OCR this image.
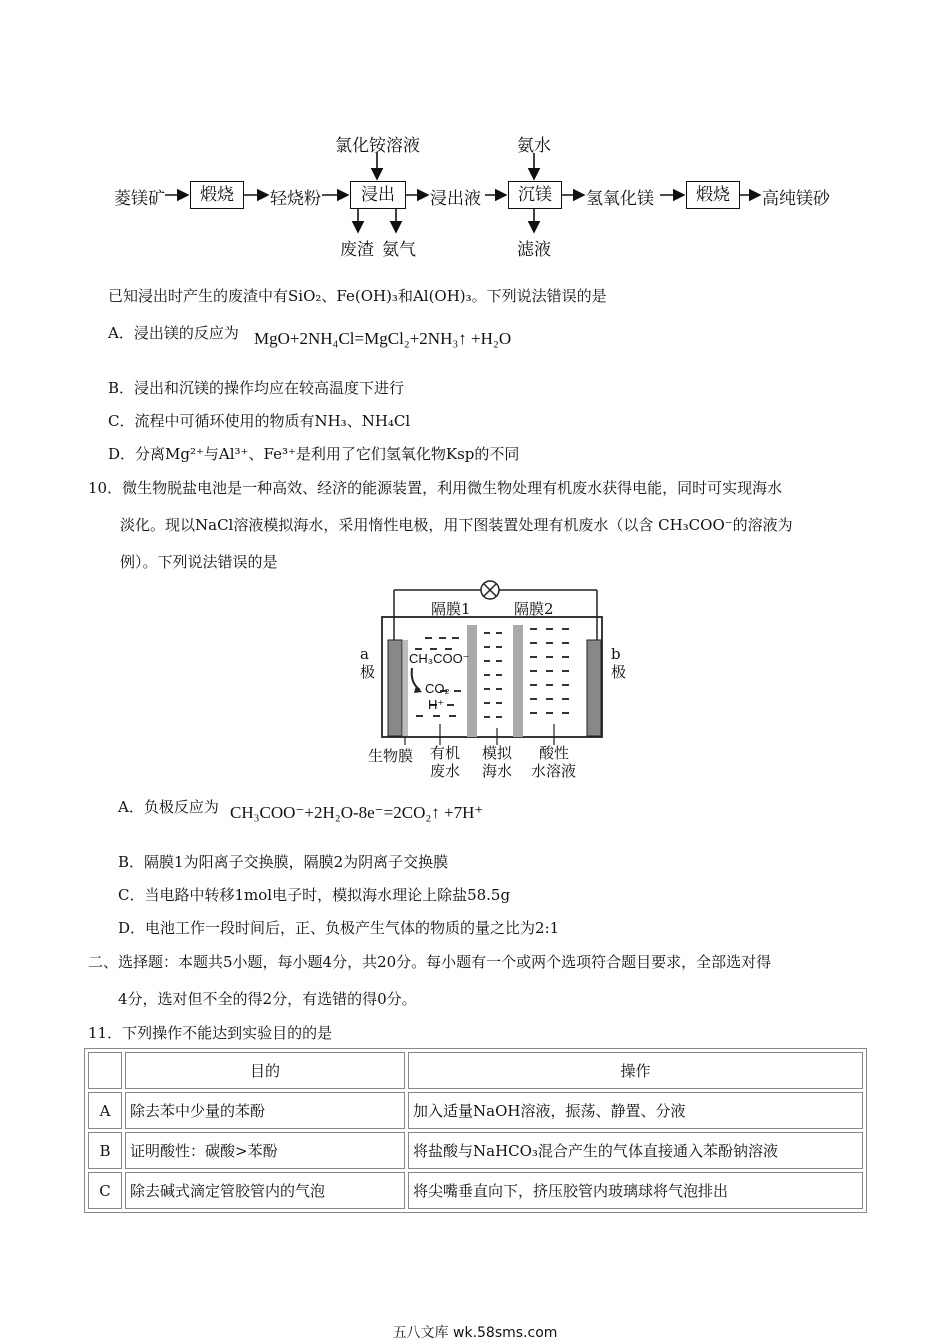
菱镁矿	煅烧	轻烧粉
氯化铵溶液
浸出
废渣 氨气
浸出液
氨水
沉镁
滤液
氢氧化镁	煅烧	高纯镁砂
已知浸出时产生的废渣中有SiO₂、Fe(OH)₃和Al(OH)₃。下列说法错误的是
A．浸出镁的反应为 MgO+2NH₄Cl=MgCl₂+2NH₃↑ +H₂O
B．浸出和沉镁的操作均应在较高温度下进行
C．流程中可循环使用的物质有NH₃、NH₄Cl
D．分离Mg²⁺与Al³⁺、Fe³⁺是利用了它们氢氧化物Ksp的不同
10．微生物脱盐电池是一种高效、经济的能源装置，利用微生物处理有机废水获得电能，同时可实现海水
淡化。现以NaCl溶液模拟海水，采用惰性电极，用下图装置处理有机废水（以含 CH₃COO⁻的溶液为
例）。下列说法错误的是
隔膜1	隔膜2
a极
b极
CH₃COO⁻
CO₂
H⁺
生物膜 有机
废水
模拟
海水
酸性
水溶液
A．负极反应为 CH₃COO⁻+2H₂O-8e⁻=2CO₂↑ +7H⁺
B．隔膜1为阳离子交换膜，隔膜2为阴离子交换膜
C．当电路中转移1mol电子时，模拟海水理论上除盐58.5g
D．电池工作一段时间后，正、负极产生气体的物质的量之比为2:1
二、选择题：本题共5小题，每小题4分，共20分。每小题有一个或两个选项符合题目要求，全部选对得
4分，选对但不全的得2分，有选错的得0分。
11．下列操作不能达到实验目的的是
	目的	操作
A	除去苯中少量的苯酚	加入适量NaOH溶液，振荡、静置、分液
B	证明酸性：碳酸>苯酚	将盐酸与NaHCO₃混合产生的气体直接通入苯酚钠溶液
C	除去碱式滴定管胶管内的气泡	将尖嘴垂直向下，挤压胶管内玻璃球将气泡排出
五八文库 wk.58sms.com
